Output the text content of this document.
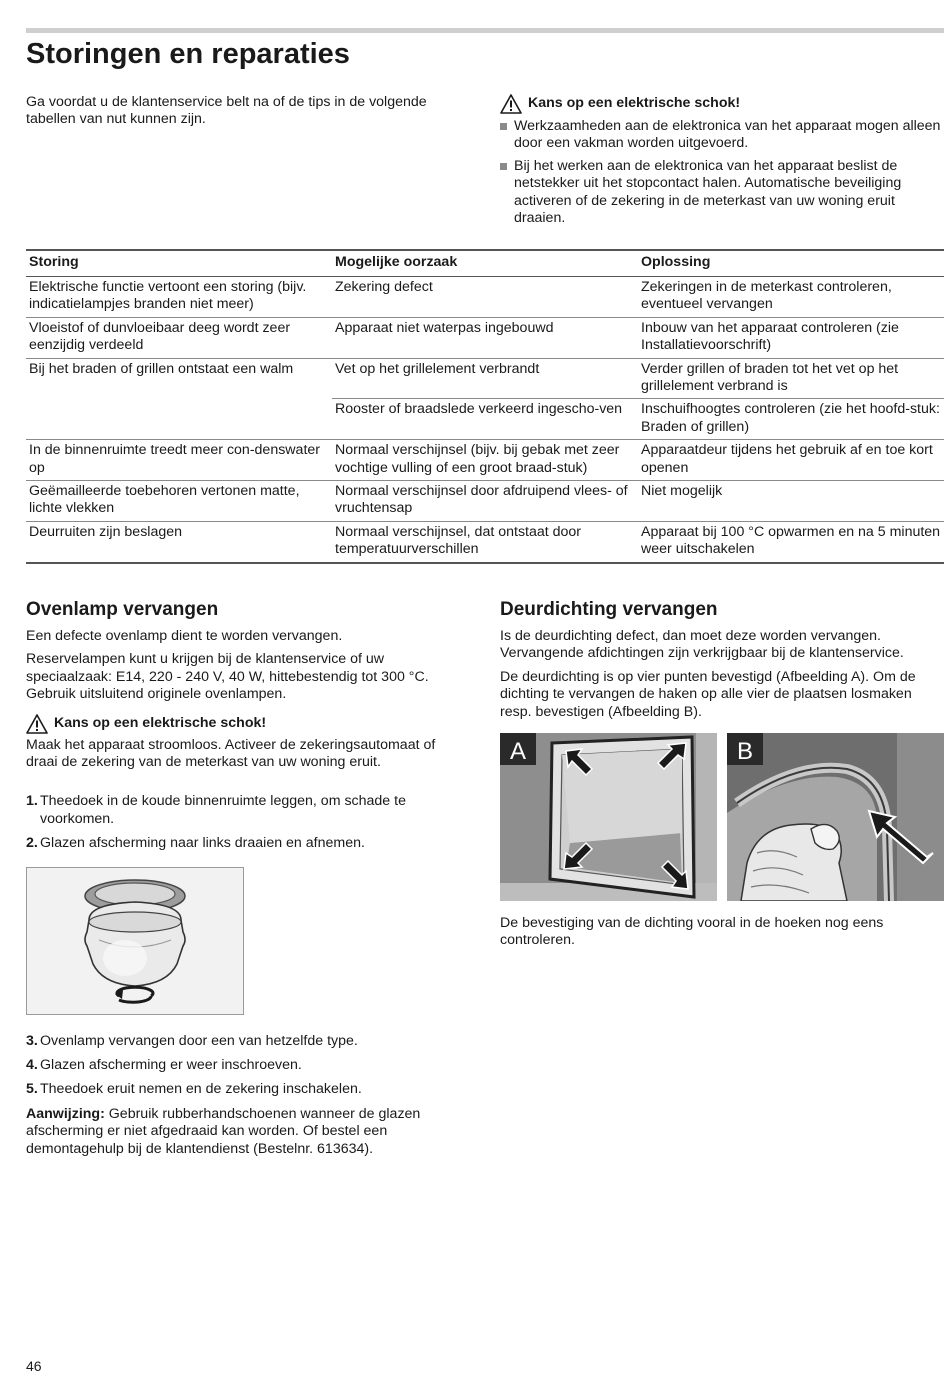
Storingen en reparaties

Ga voordat u de klantenservice belt na of de tips in de volgende tabellen van nut kunnen zijn.

Kans op een elektrische schok!
Werkzaamheden aan de elektronica van het apparaat mogen alleen door een vakman worden uitgevoerd.
Bij het werken aan de elektronica van het apparaat beslist de netstekker uit het stopcontact halen. Automatische beveiliging activeren of de zekering in de meterkast van uw woning eruit draaien.
Storing	Mogelijke oorzaak	Oplossing
Elektrische functie vertoont een storing (bijv. indicatielampjes branden niet meer)	Zekering defect	Zekeringen in de meterkast controleren, eventueel vervangen
Vloeistof of dunvloeibaar deeg wordt zeer eenzijdig verdeeld	Apparaat niet waterpas ingebouwd	Inbouw van het apparaat controleren (zie Installatievoorschrift)
Bij het braden of grillen ontstaat een walm	Vet op het grillelement verbrandt	Verder grillen of braden tot het vet op het grillelement verbrand is
	Rooster of braadslede verkeerd ingescho-ven	Inschuifhoogtes controleren (zie het hoofd-stuk: Braden of grillen)
In de binnenruimte treedt meer con-denswater op	Normaal verschijnsel (bijv. bij gebak met zeer vochtige vulling of een groot braad-stuk)	Apparaatdeur tijdens het gebruik af en toe kort openen
Geëmailleerde toebehoren vertonen matte, lichte vlekken	Normaal verschijnsel door afdruipend vlees- of vruchtensap	Niet mogelijk
Deurruiten zijn beslagen	Normaal verschijnsel, dat ontstaat door temperatuurverschillen	Apparaat bij 100 °C opwarmen en na 5 minuten weer uitschakelen
Ovenlamp vervangen

Een defecte ovenlamp dient te worden vervangen.

Reservelampen kunt u krijgen bij de klantenservice of uw speciaalzaak: E14, 220 - 240 V, 40 W, hittebestendig tot 300 °C. Gebruik uitsluitend originele ovenlampen.

Kans op een elektrische schok!

Maak het apparaat stroomloos. Activeer de zekeringsautomaat of draai de zekering van de meterkast van uw woning eruit.

1. Theedoek in de koude binnenruimte leggen, om schade te voorkomen.
2. Glazen afscherming naar links draaien en afnemen.
3. Ovenlamp vervangen door een van hetzelfde type.
4. Glazen afscherming er weer inschroeven.
5. Theedoek eruit nemen en de zekering inschakelen.

Aanwijzing: Gebruik rubberhandschoenen wanneer de glazen afscherming er niet afgedraaid kan worden. Of bestel een demontagehulp bij de klantendienst (Bestelnr. 613634).

Deurdichting vervangen

Is de deurdichting defect, dan moet deze worden vervangen. Vervangende afdichtingen zijn verkrijgbaar bij de klantenservice.

De deurdichting is op vier punten bevestigd (Afbeelding A). Om de dichting te vervangen de haken op alle vier de plaatsen losmaken resp. bevestigen (Afbeelding B).

A	B

De bevestiging van de dichting vooral in de hoeken nog eens controleren.

46
